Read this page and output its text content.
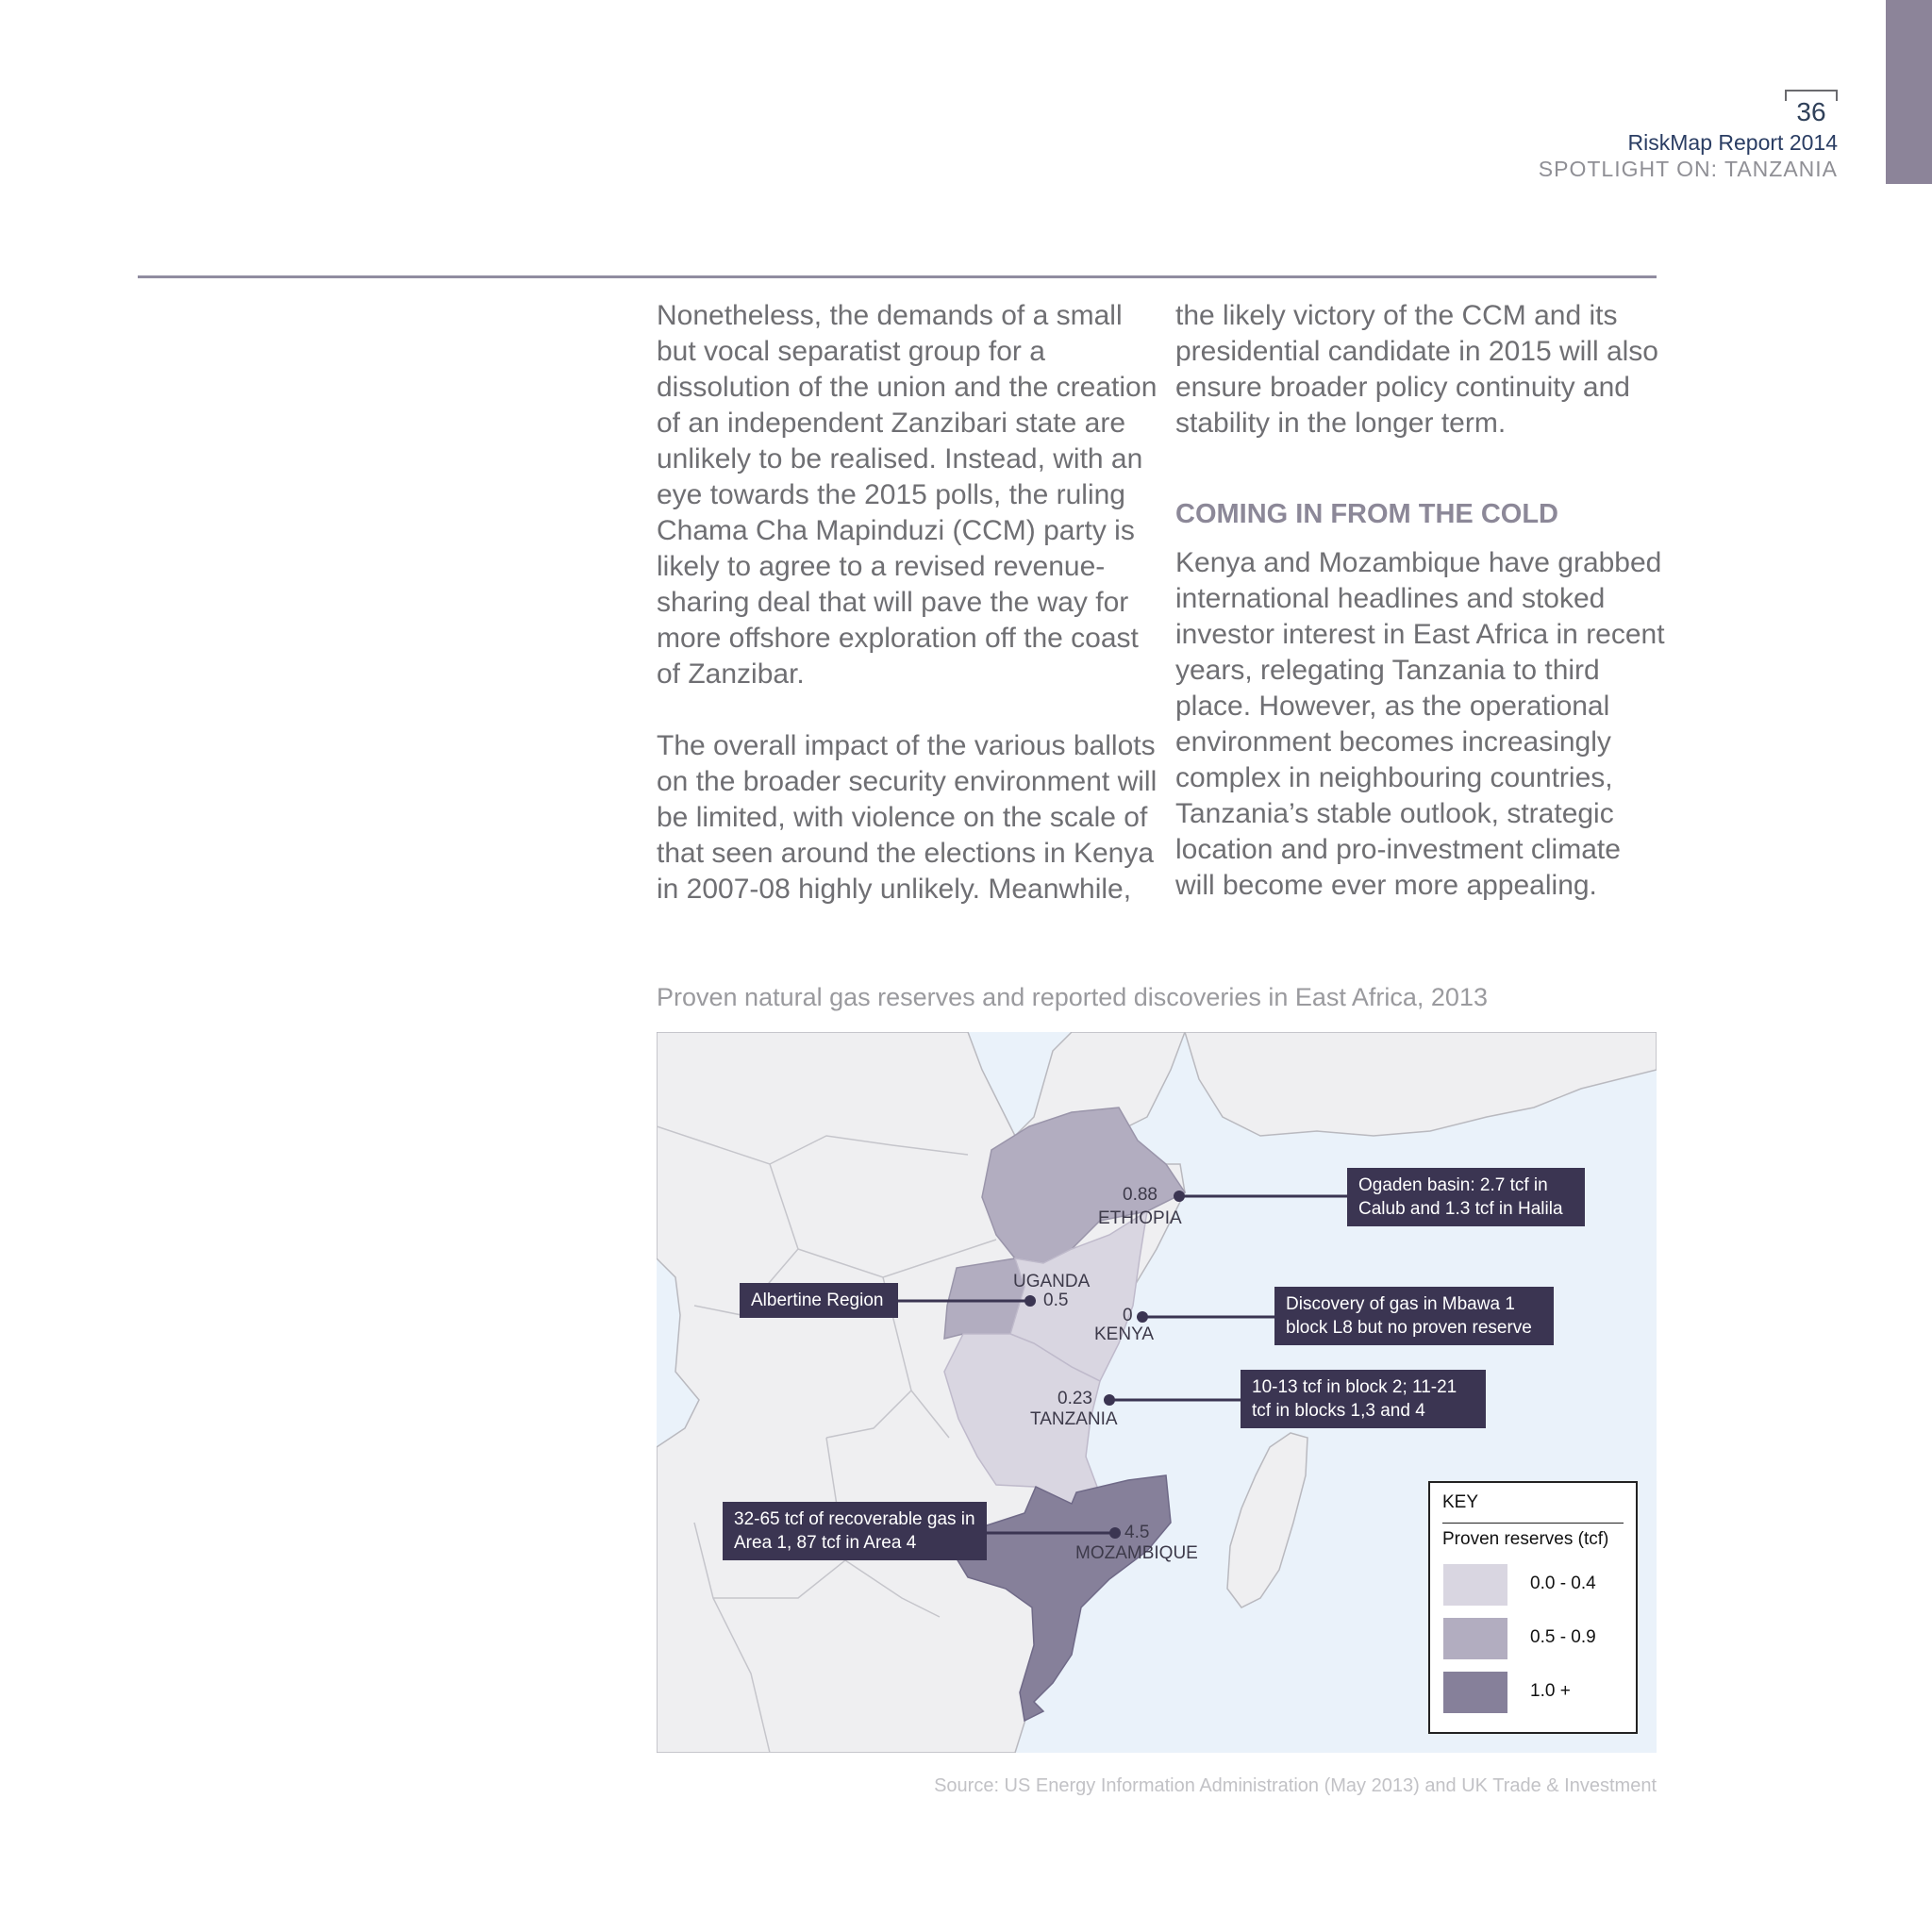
36
RiskMap Report 2014
SPOTLIGHT ON: TANZANIA

Nonetheless, the demands of a small but vocal separatist group for a dissolution of the union and the creation of an independent Zanzibari state are unlikely to be realised. Instead, with an eye towards the 2015 polls, the ruling Chama Cha Mapinduzi (CCM) party is likely to agree to a revised revenue-sharing deal that will pave the way for more offshore exploration off the coast of Zanzibar.

The overall impact of the various ballots on the broader security environment will be limited, with violence on the scale of that seen around the elections in Kenya in 2007-08 highly unlikely. Meanwhile,

the likely victory of the CCM and its presidential candidate in 2015 will also ensure broader policy continuity and stability in the longer term.

COMING IN FROM THE COLD

Kenya and Mozambique have grabbed international headlines and stoked investor interest in East Africa in recent years, relegating Tanzania to third place. However, as the operational environment becomes increasingly complex in neighbouring countries, Tanzania’s stable outlook, strategic location and pro-investment climate will become ever more appealing.

Proven natural gas reserves and reported discoveries in East Africa, 2013
0.88
ETHIOPIA
UGANDA
0.5
0
KENYA
0.23
TANZANIA
4.5
MOZAMBIQUE
Ogaden basin: 2.7 tcf in Calub and 1.3 tcf in Halila
Albertine Region	Discovery of gas in Mbawa 1 block L8 but no proven reserve
10-13 tcf in block 2; 11-21 tcf in blocks 1,3 and 4
32-65 tcf of recoverable gas in Area 1, 87 tcf in Area 4
KEY
Proven reserves (tcf)
0.0 - 0.4
0.5 - 0.9
1.0 +
Source: US Energy Information Administration (May 2013) and UK Trade & Investment
